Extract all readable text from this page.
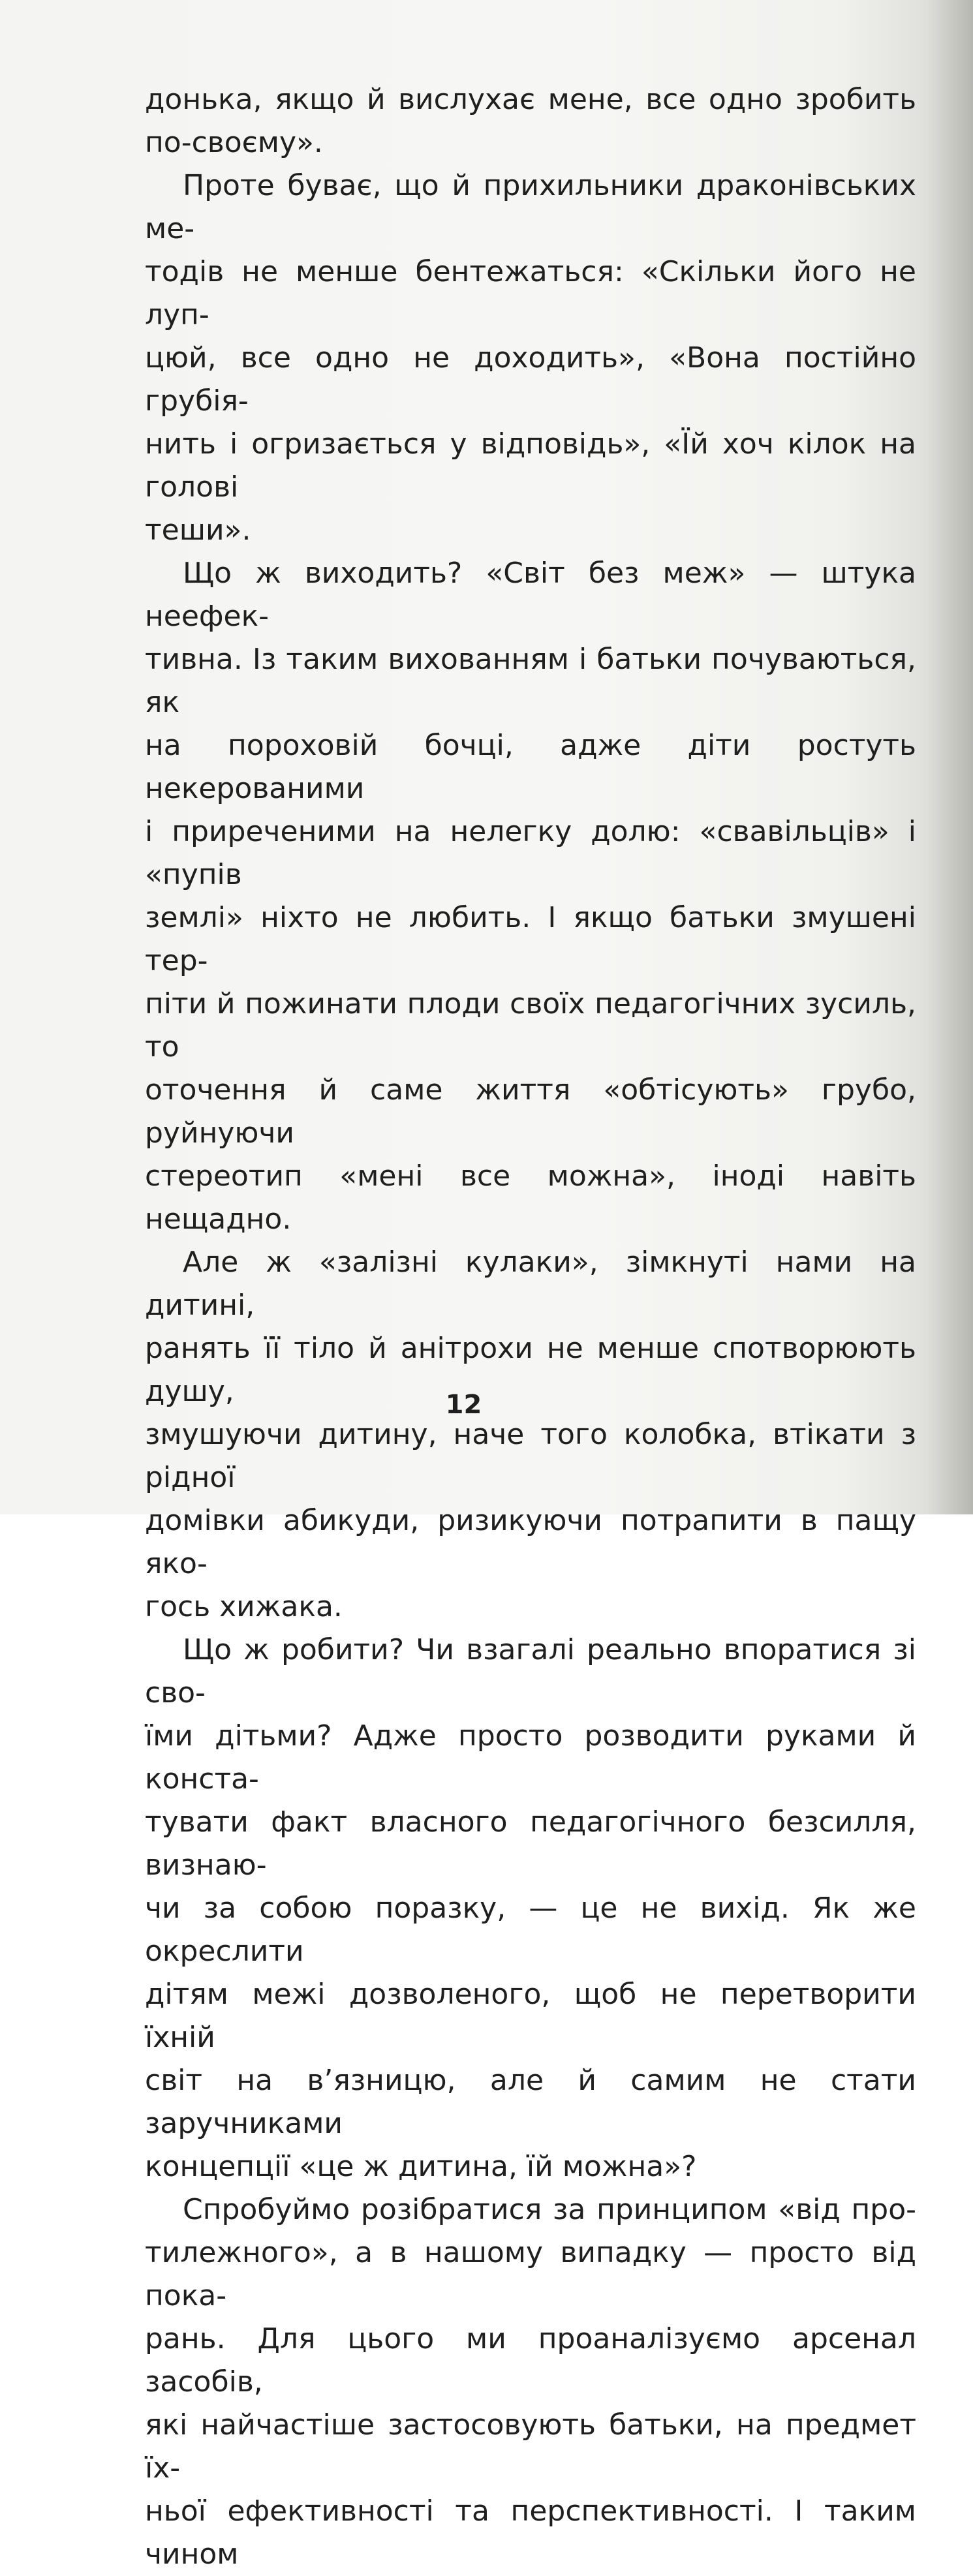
донька, якщо й вислухає мене, все одно зробить
по-своєму».
Проте буває, що й прихильники драконівських ме-
тодів не менше бентежаться: «Скільки його не луп-
цюй, все одно не доходить», «Вона постійно грубія-
нить і огризається у відповідь», «Їй хоч кілок на голові
теши».
Що ж виходить? «Світ без меж» — штука неефек-
тивна. Із таким вихованням і батьки почуваються, як
на пороховій бочці, адже діти ростуть некерованими
і приреченими на нелегку долю: «свавільців» і «пупів
землі» ніхто не любить. І якщо батьки змушені тер-
піти й пожинати плоди своїх педагогічних зусиль, то
оточення й саме життя «обтісують» грубо, руйнуючи
стереотип «мені все можна», іноді навіть нещадно.
Але ж «залізні кулаки», зімкнуті нами на дитині,
ранять її тіло й анітрохи не менше спотворюють душу,
змушуючи дитину, наче того колобка, втікати з рідної
домівки абикуди, ризикуючи потрапити в пащу яко-
гось хижака.
Що ж робити? Чи взагалі реально впоратися зі сво-
їми дітьми? Адже просто розводити руками й конста-
тувати факт власного педагогічного безсилля, визнаю-
чи за собою поразку, — це не вихід. Як же окреслити
дітям межі дозволеного, щоб не перетворити їхній
світ на в’язницю, але й самим не стати заручниками
концепції «це ж дитина, їй можна»?
Спробуймо розібратися за принципом «від про-
тилежного», а в нашому випадку — просто від пока-
рань. Для цього ми проаналізуємо арсенал засобів,
які найчастіше застосовують батьки, на предмет їх-
ньої ефективності та перспективності. І таким чином
12
